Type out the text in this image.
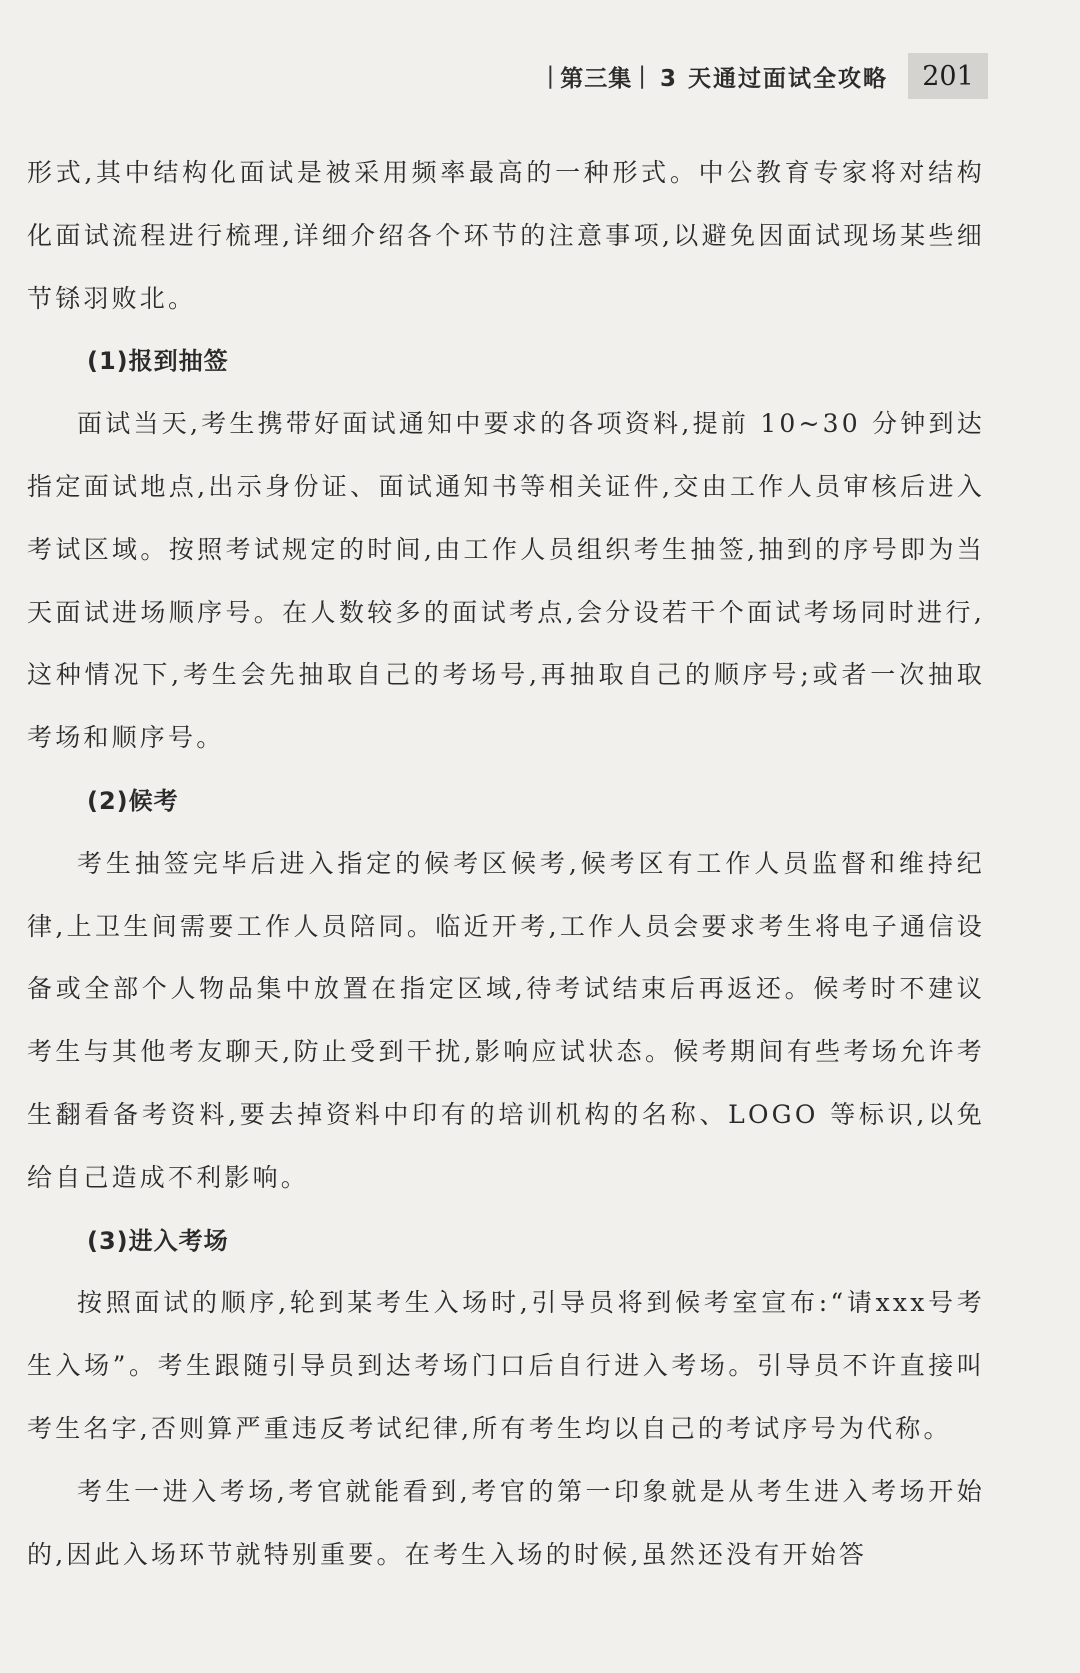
| 第三集 | 3 天通过面试全攻略	201

形式,其中结构化面试是被采用频率最高的一种形式。中公教育专家将对结构化面试流程进行梳理,详细介绍各个环节的注意事项,以避免因面试现场某些细节铩羽败北。

(1)报到抽签

面试当天,考生携带好面试通知中要求的各项资料,提前 10~30 分钟到达指定面试地点,出示身份证、面试通知书等相关证件,交由工作人员审核后进入考试区域。按照考试规定的时间,由工作人员组织考生抽签,抽到的序号即为当天面试进场顺序号。在人数较多的面试考点,会分设若干个面试考场同时进行,这种情况下,考生会先抽取自己的考场号,再抽取自己的顺序号;或者一次抽取考场和顺序号。

(2)候考

考生抽签完毕后进入指定的候考区候考,候考区有工作人员监督和维持纪律,上卫生间需要工作人员陪同。临近开考,工作人员会要求考生将电子通信设备或全部个人物品集中放置在指定区域,待考试结束后再返还。候考时不建议考生与其他考友聊天,防止受到干扰,影响应试状态。候考期间有些考场允许考生翻看备考资料,要去掉资料中印有的培训机构的名称、LOGO 等标识,以免给自己造成不利影响。

(3)进入考场

按照面试的顺序,轮到某考生入场时,引导员将到候考室宣布:“请xxx号考生入场”。考生跟随引导员到达考场门口后自行进入考场。引导员不许直接叫考生名字,否则算严重违反考试纪律,所有考生均以自己的考试序号为代称。

考生一进入考场,考官就能看到,考官的第一印象就是从考生进入考场开始的,因此入场环节就特别重要。在考生入场的时候,虽然还没有开始答
